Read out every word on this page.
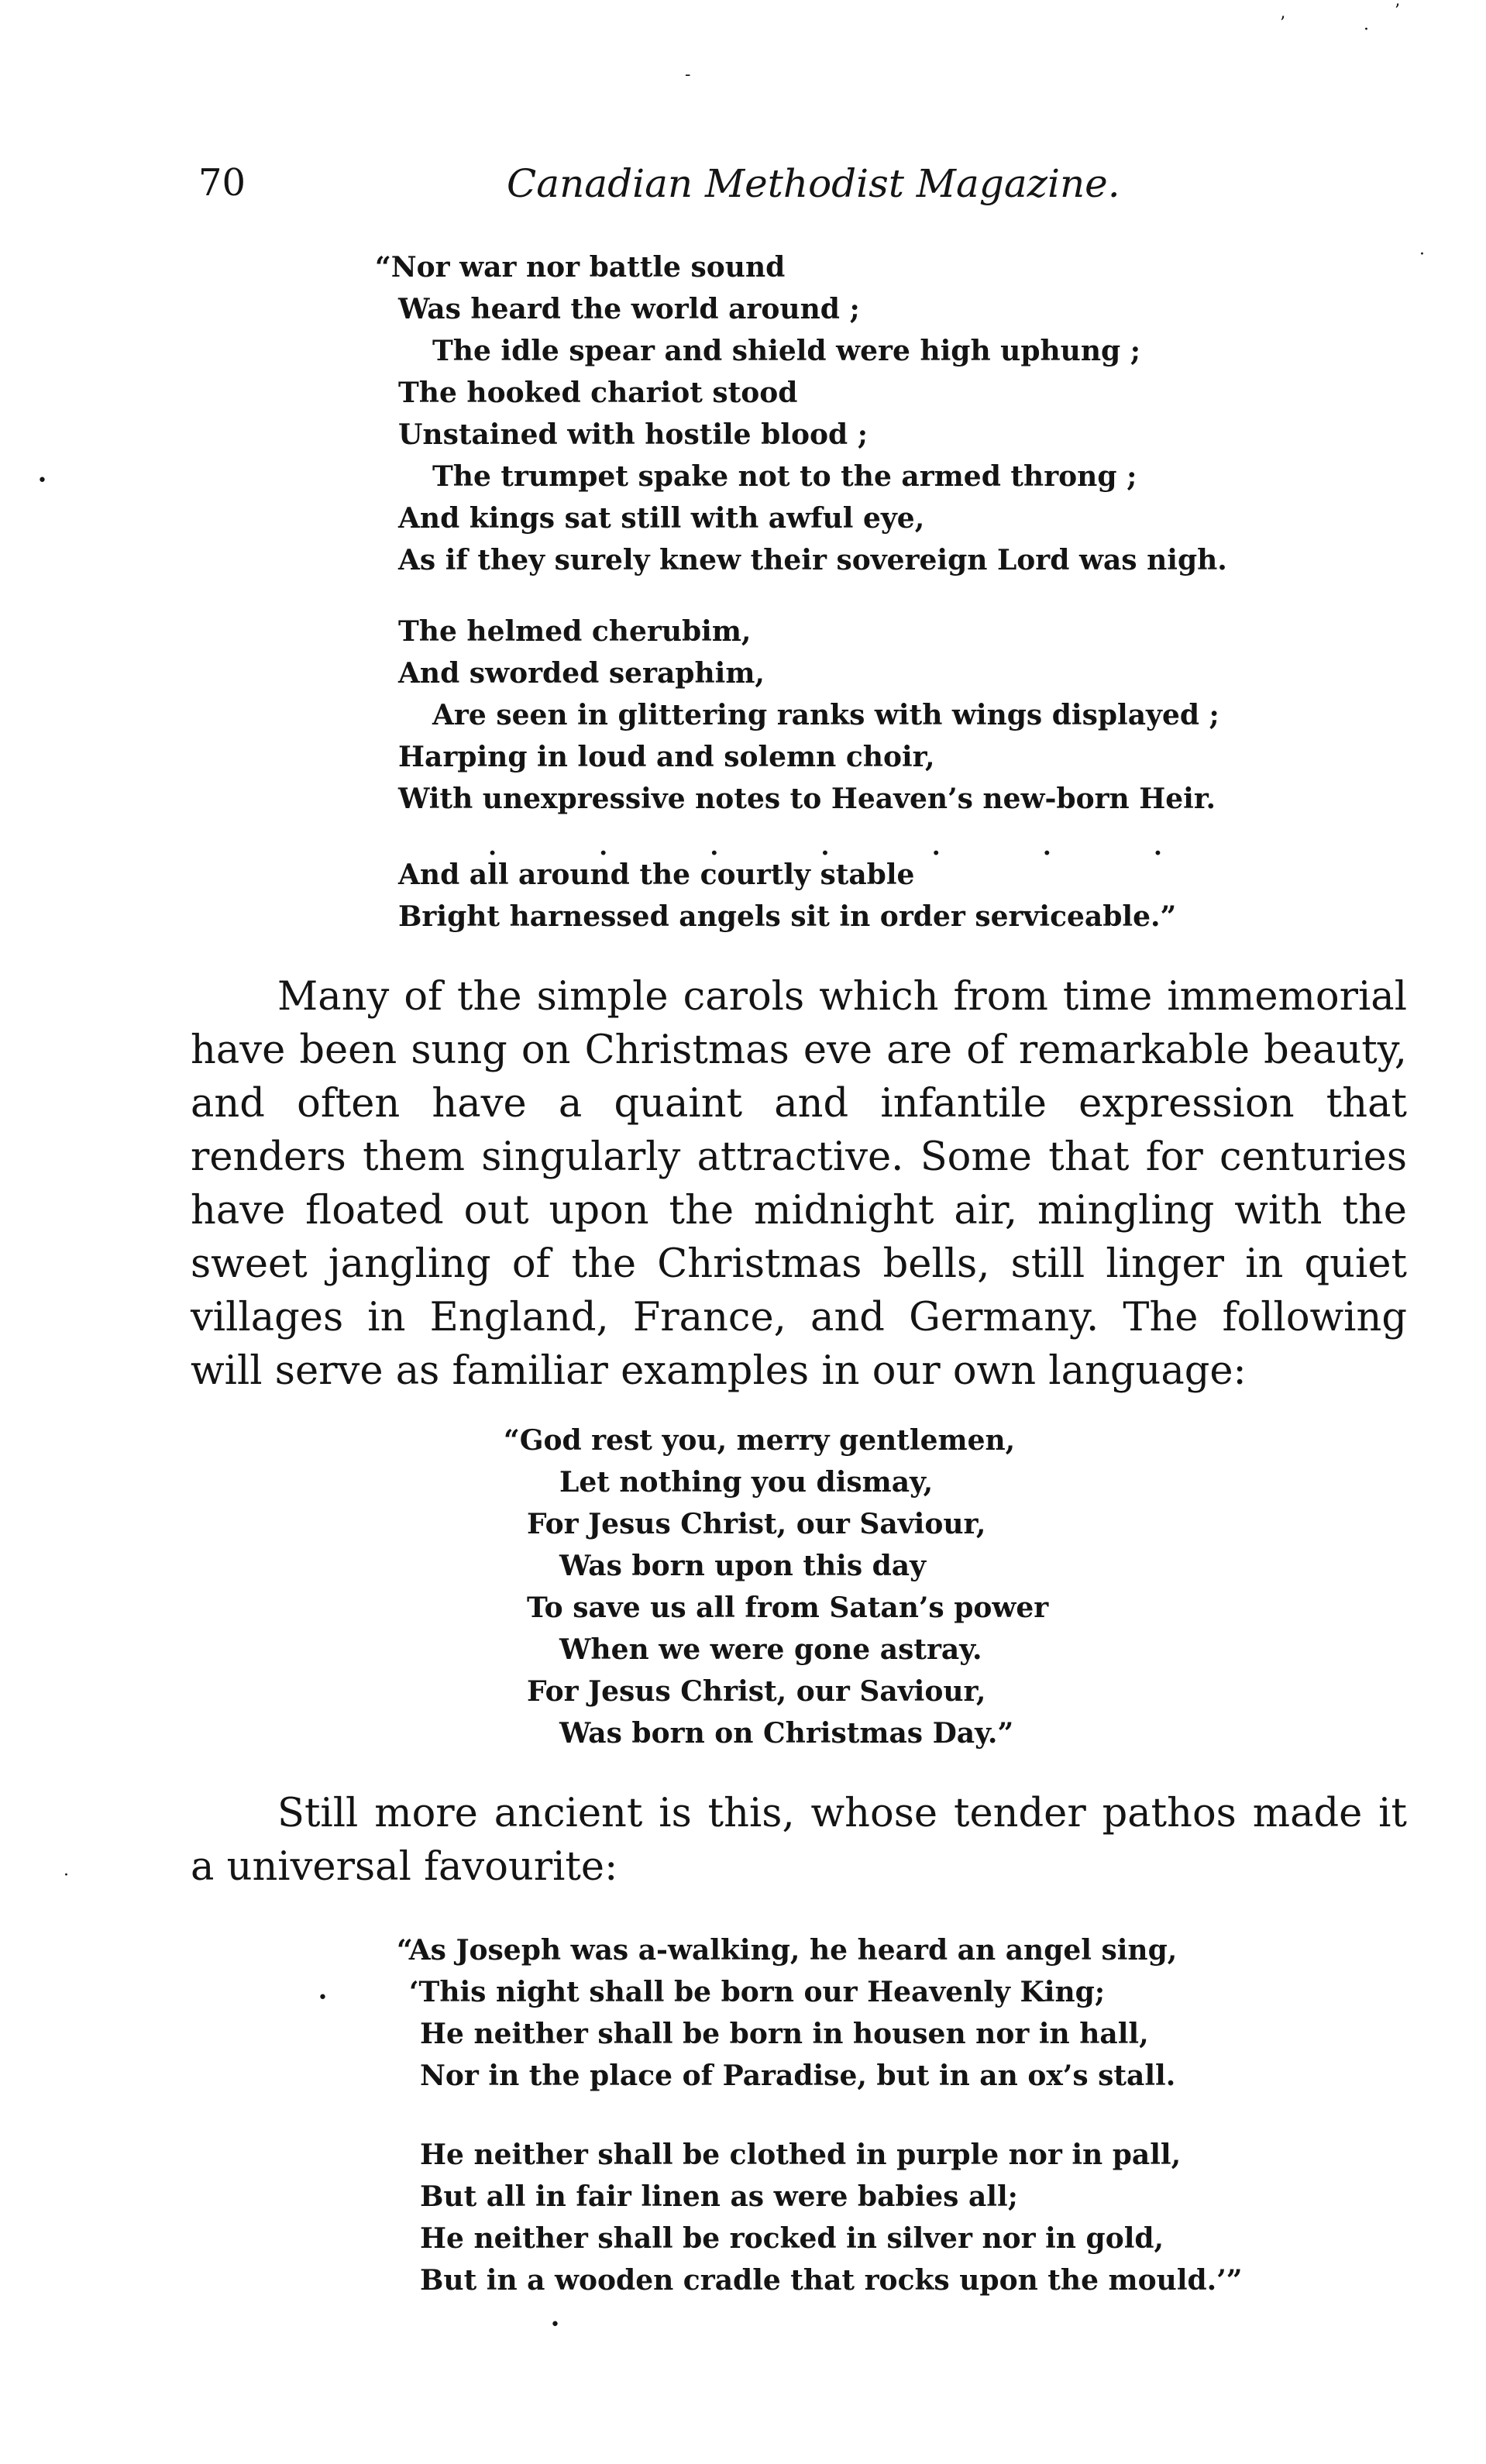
70	Canadian Methodist Magazine.
“Nor war nor battle sound
Was heard the world around ;
The idle spear and shield were high uphung ;
The hooked chariot stood
Unstained with hostile blood ;
The trumpet spake not to the armed throng ;
And kings sat still with awful eye,
As if they surely knew their sovereign Lord was nigh.
The helmed cherubim,
And sworded seraphim,
Are seen in glittering ranks with wings displayed ;
Harping in loud and solemn choir,
With unexpressive notes to Heaven’s new-born Heir.
.	.	.	.	.	.	.
And all around the courtly stable
Bright harnessed angels sit in order serviceable.”

Many of the simple carols which from time immemorial have been sung on Christmas eve are of remarkable beauty, and often have a quaint and infantile expression that renders them singularly attractive. Some that for centuries have floated out upon the midnight air, mingling with the sweet jangling of the Christmas bells, still linger in quiet villages in England, France, and Germany. The following will serve as familiar examples in our own language:

“God rest you, merry gentlemen,
Let nothing you dismay,
For Jesus Christ, our Saviour,
Was born upon this day
To save us all from Satan’s power
When we were gone astray.
For Jesus Christ, our Saviour,
Was born on Christmas Day.”

Still more ancient is this, whose tender pathos made it a universal favourite:

“As Joseph was a-walking, he heard an angel sing,
‘This night shall be born our Heavenly King;
He neither shall be born in housen nor in hall,
Nor in the place of Paradise, but in an ox’s stall.
He neither shall be clothed in purple nor in pall,
But all in fair linen as were babies all;
He neither shall be rocked in silver nor in gold,
But in a wooden cradle that rocks upon the mould.’”
’	·
’
‐
•
·
·
•
•
